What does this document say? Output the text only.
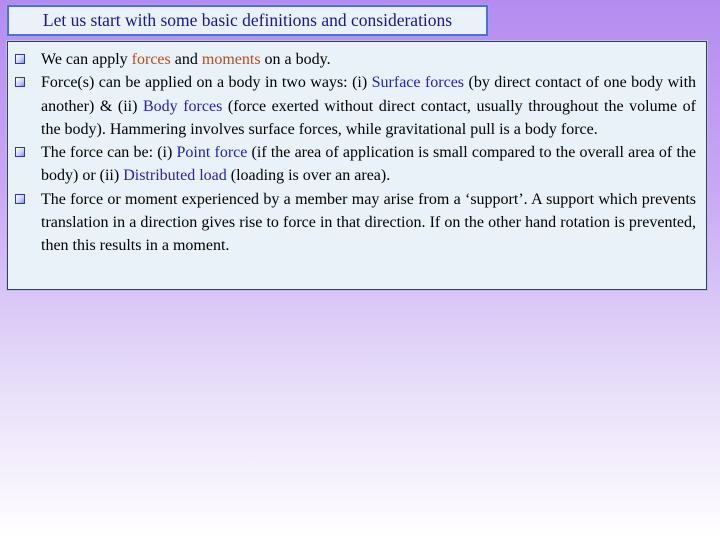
Let us start with some basic definitions and considerations
We can apply forces and moments on a body.
Force(s) can be applied on a body in two ways: (i) Surface forces (by direct contact of one body with another) & (ii) Body forces (force exerted without direct contact, usually throughout the volume of the body). Hammering involves surface forces, while gravitational pull is a body force.
The force can be: (i) Point force (if the area of application is small compared to the overall area of the body) or (ii) Distributed load (loading is over an area).
The force or moment experienced by a member may arise from a ‘support’. A support which prevents translation in a direction gives rise to force in that direction. If on the other hand rotation is prevented, then this results in a moment.
